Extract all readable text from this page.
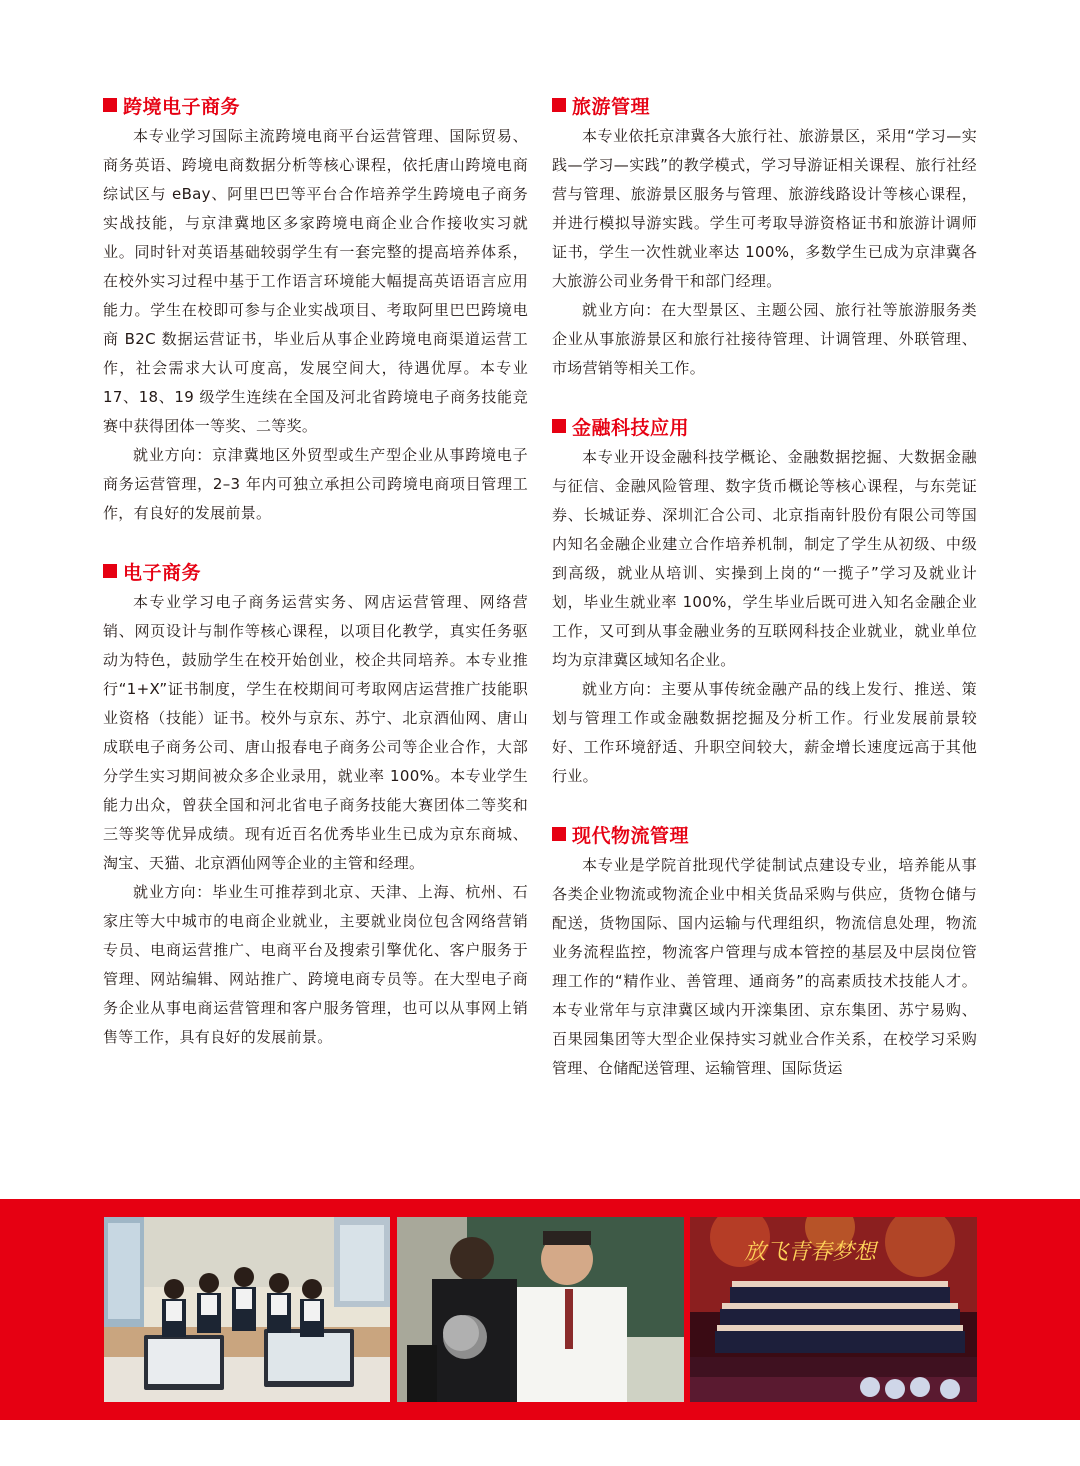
跨境电子商务

本专业学习国际主流跨境电商平台运营管理、国际贸易、商务英语、跨境电商数据分析等核心课程，依托唐山跨境电商综试区与 eBay、阿里巴巴等平台合作培养学生跨境电子商务实战技能，与京津冀地区多家跨境电商企业合作接收实习就业。同时针对英语基础较弱学生有一套完整的提高培养体系，在校外实习过程中基于工作语言环境能大幅提高英语语言应用能力。学生在校即可参与企业实战项目、考取阿里巴巴跨境电商 B2C 数据运营证书，毕业后从事企业跨境电商渠道运营工作，社会需求大认可度高，发展空间大，待遇优厚。本专业 17、18、19 级学生连续在全国及河北省跨境电子商务技能竞赛中获得团体一等奖、二等奖。

就业方向：京津冀地区外贸型或生产型企业从事跨境电子商务运营管理，2–3 年内可独立承担公司跨境电商项目管理工作，有良好的发展前景。

电子商务

本专业学习电子商务运营实务、网店运营管理、网络营销、网页设计与制作等核心课程，以项目化教学，真实任务驱动为特色，鼓励学生在校开始创业，校企共同培养。本专业推行“1+X”证书制度，学生在校期间可考取网店运营推广技能职业资格（技能）证书。校外与京东、苏宁、北京酒仙网、唐山成联电子商务公司、唐山报春电子商务公司等企业合作，大部分学生实习期间被众多企业录用，就业率 100%。本专业学生能力出众，曾获全国和河北省电子商务技能大赛团体二等奖和三等奖等优异成绩。现有近百名优秀毕业生已成为京东商城、淘宝、天猫、北京酒仙网等企业的主管和经理。

就业方向：毕业生可推荐到北京、天津、上海、杭州、石家庄等大中城市的电商企业就业，主要就业岗位包含网络营销专员、电商运营推广、电商平台及搜索引擎优化、客户服务于管理、网站编辑、网站推广、跨境电商专员等。在大型电子商务企业从事电商运营管理和客户服务管理，也可以从事网上销售等工作，具有良好的发展前景。

旅游管理

本专业依托京津冀各大旅行社、旅游景区，采用“学习—实践—学习—实践”的教学模式，学习导游证相关课程、旅行社经营与管理、旅游景区服务与管理、旅游线路设计等核心课程，并进行模拟导游实践。学生可考取导游资格证书和旅游计调师证书，学生一次性就业率达 100%，多数学生已成为京津冀各大旅游公司业务骨干和部门经理。

就业方向：在大型景区、主题公园、旅行社等旅游服务类企业从事旅游景区和旅行社接待管理、计调管理、外联管理、市场营销等相关工作。

金融科技应用

本专业开设金融科技学概论、金融数据挖掘、大数据金融与征信、金融风险管理、数字货币概论等核心课程，与东莞证券、长城证券、深圳汇合公司、北京指南针股份有限公司等国内知名金融企业建立合作培养机制，制定了学生从初级、中级到高级，就业从培训、实操到上岗的“一揽子”学习及就业计划，毕业生就业率 100%，学生毕业后既可进入知名金融企业工作，又可到从事金融业务的互联网科技企业就业，就业单位均为京津冀区域知名企业。

就业方向：主要从事传统金融产品的线上发行、推送、策划与管理工作或金融数据挖掘及分析工作。行业发展前景较好、工作环境舒适、升职空间较大，薪金增长速度远高于其他行业。

现代物流管理

本专业是学院首批现代学徒制试点建设专业，培养能从事各类企业物流或物流企业中相关货品采购与供应，货物仓储与配送，货物国际、国内运输与代理组织，物流信息处理，物流业务流程监控，物流客户管理与成本管控的基层及中层岗位管理工作的“精作业、善管理、通商务”的高素质技术技能人才。本专业常年与京津冀区域内开滦集团、京东集团、苏宁易购、百果园集团等大型企业保持实习就业合作关系，在校学习采购管理、仓储配送管理、运输管理、国际货运

放飞青春梦想
